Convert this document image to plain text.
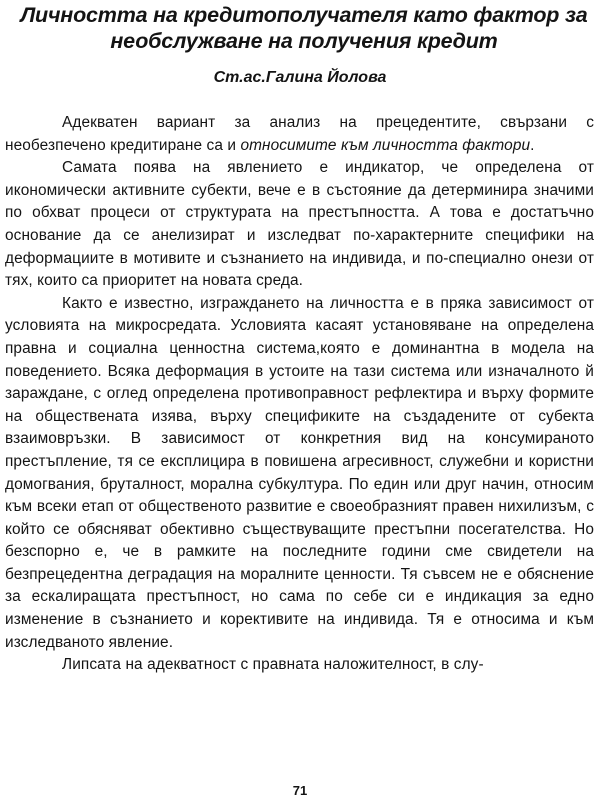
Личността на кредитополучателя като фактор за необслужване на получения кредит
Ст.ас.Галина Йолова

Адекватен вариант за анализ на прецедентите, свързани с необезпечено кредитиране са и относимите към личността фактори.

Самата поява на явлението е индикатор, че определена от икономически активните субекти, вече е в състояние да детерминира значими по обхват процеси от структурата на престъпността. А това е достатъчно основание да се анелизират и изследват по-характерните специфики на деформациите в мотивите и съзнанието на индивида, и по-специално онези от тях, които са приоритет на новата среда.

Както е известно, изграждането на личността е в пряка зависимост от условията на микросредата. Условията касаят установяване на определена правна и социална ценностна система,която е доминантна в модела на поведението. Всяка деформация в устоите на тази система или изначалното й зараждане, с оглед определена противоправност рефлектира и върху формите на обществената изява, върху спецификите на създадените от субекта взаимовръзки. В зависимост от конкретния вид на консумираното престъпление, тя се експлицира в повишена агресивност, служебни и користни домогвания, бруталност, морална субкултура. По един или друг начин, относим към всеки етап от общественото развитие е своеобразният правен нихилизъм, с който се обясняват обективно съществуващите престъпни посегателства. Но безспорно е, че в рамките на последните години сме свидетели на безпрецедентна деградация на моралните ценности. Тя съвсем не е обяснение за ескалиращата престъпност, но сама по себе си е индикация за едно изменение в съзнанието и корективите на индивида. Тя е относима и към изследваното явление.

Липсата на адекватност с правната наложителност, в слу-

71
